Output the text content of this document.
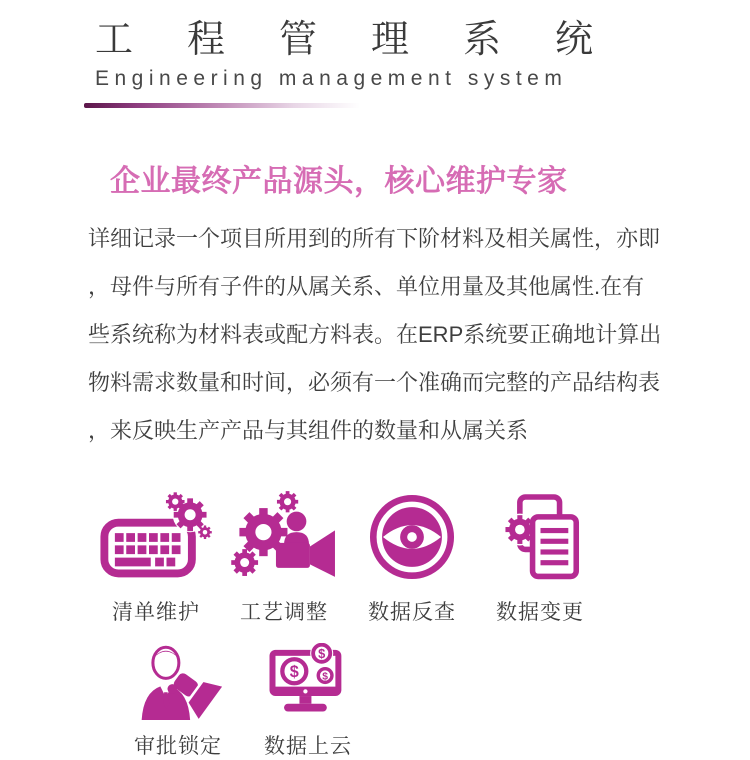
工程管理系统
Engineering management system
企业最终产品源头，核心维护专家
详细记录一个项目所用到的所有下阶材料及相关属性，亦即
，母件与所有子件的从属关系、单位用量及其他属性.在有
些系统称为材料表或配方料表。在ERP系统要正确地计算出
物料需求数量和时间，必须有一个准确而完整的产品结构表
，来反映生产产品与其组件的数量和从属关系
清单维护 工艺调整 数据反查 数据变更
审批锁定
$
$
$
数据上云
